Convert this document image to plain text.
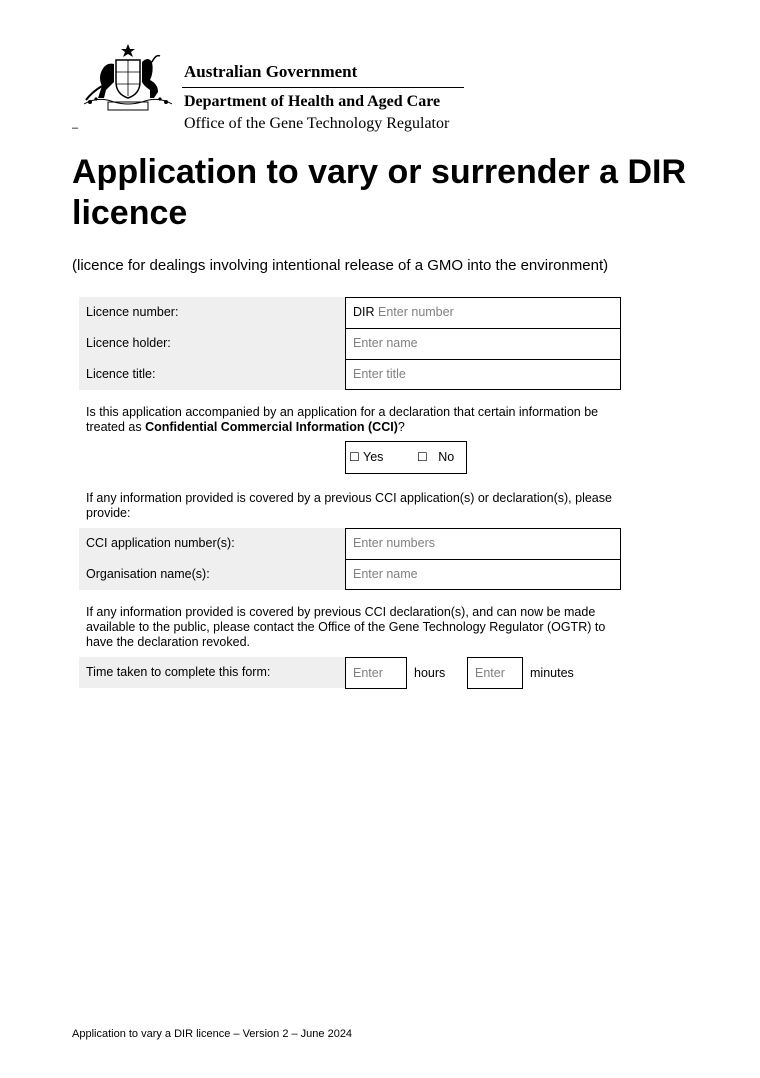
Australian Government
Department of Health and Aged Care
Office of the Gene Technology Regulator
–
Application to vary or surrender a DIR licence
(licence for dealings involving intentional release of a GMO into the environment)
Licence number:	DIR Enter number
Licence holder:	Enter name
Licence title:	Enter title
Is this application accompanied by an application for a declaration that certain information be treated as Confidential Commercial Information (CCI)?
☐ Yes	☐ No
If any information provided is covered by a previous CCI application(s) or declaration(s), please provide:
CCI application number(s):	Enter numbers
Organisation name(s):	Enter name
If any information provided is covered by previous CCI declaration(s), and can now be made available to the public, please contact the Office of the Gene Technology Regulator (OGTR) to have the declaration revoked.
Time taken to complete this form:	Enter	hours	Enter	minutes
Application to vary a DIR licence – Version 2 – June 2024
